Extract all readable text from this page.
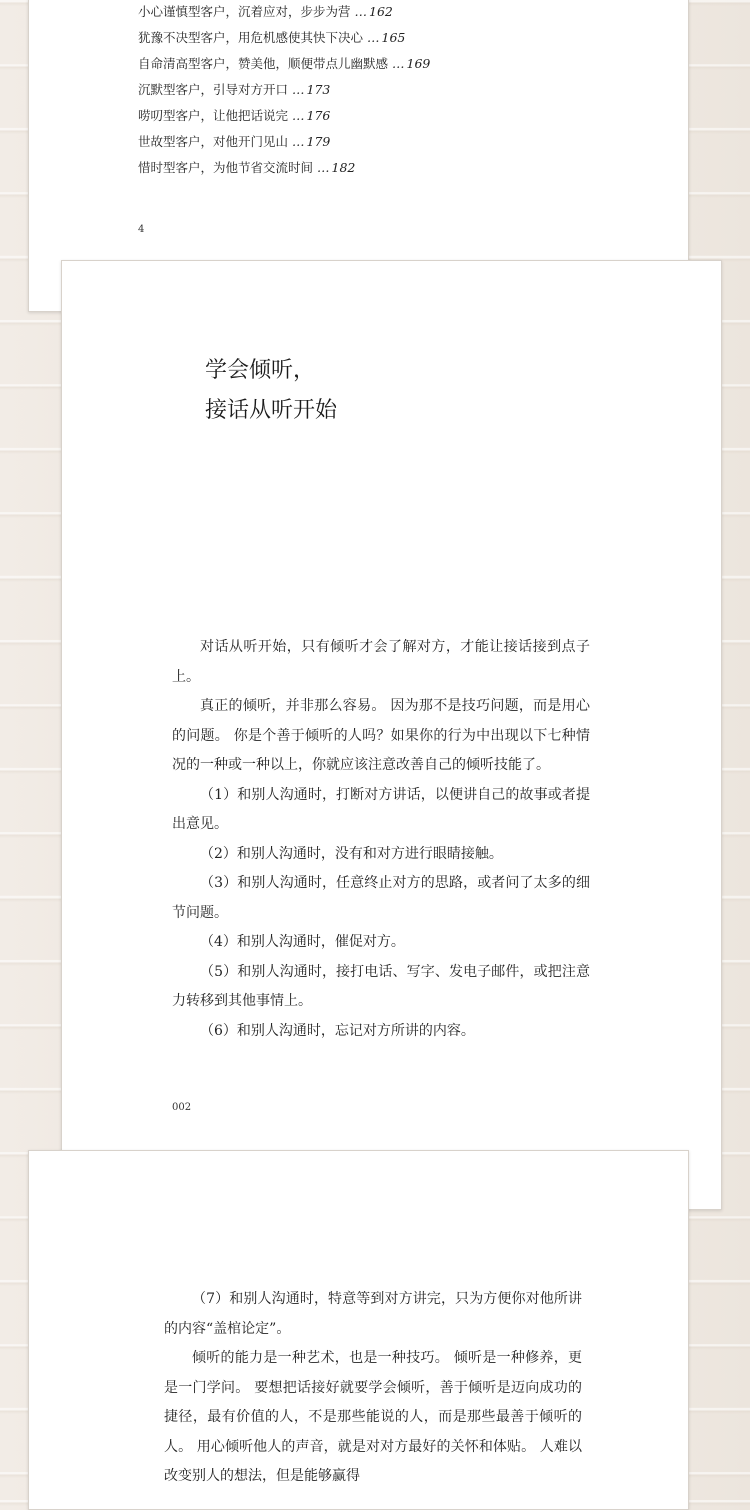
小心谨慎型客户，沉着应对，步步为营 … 162
犹豫不决型客户，用危机感使其快下决心 … 165
自命清高型客户，赞美他，顺便带点儿幽默感 … 169
沉默型客户，引导对方开口 … 173
唠叨型客户，让他把话说完 … 176
世故型客户，对他开门见山 … 179
惜时型客户，为他节省交流时间 … 182
4
学会倾听，
接话从听开始

对话从听开始，只有倾听才会了解对方，才能让接话接到点子上。

真正的倾听，并非那么容易。 因为那不是技巧问题，而是用心的问题。 你是个善于倾听的人吗？如果你的行为中出现以下七种情况的一种或一种以上，你就应该注意改善自己的倾听技能了。

（1）和别人沟通时，打断对方讲话，以便讲自己的故事或者提出意见。

（2）和别人沟通时，没有和对方进行眼睛接触。

（3）和别人沟通时，任意终止对方的思路，或者问了太多的细节问题。

（4）和别人沟通时，催促对方。

（5）和别人沟通时，接打电话、写字、发电子邮件，或把注意力转移到其他事情上。

（6）和别人沟通时，忘记对方所讲的内容。

002

（7）和别人沟通时，特意等到对方讲完，只为方便你对他所讲的内容“盖棺论定”。

倾听的能力是一种艺术，也是一种技巧。 倾听是一种修养，更是一门学问。 要想把话接好就要学会倾听，善于倾听是迈向成功的捷径，最有价值的人，不是那些能说的人，而是那些最善于倾听的人。 用心倾听他人的声音，就是对对方最好的关怀和体贴。 人难以改变别人的想法，但是能够赢得
